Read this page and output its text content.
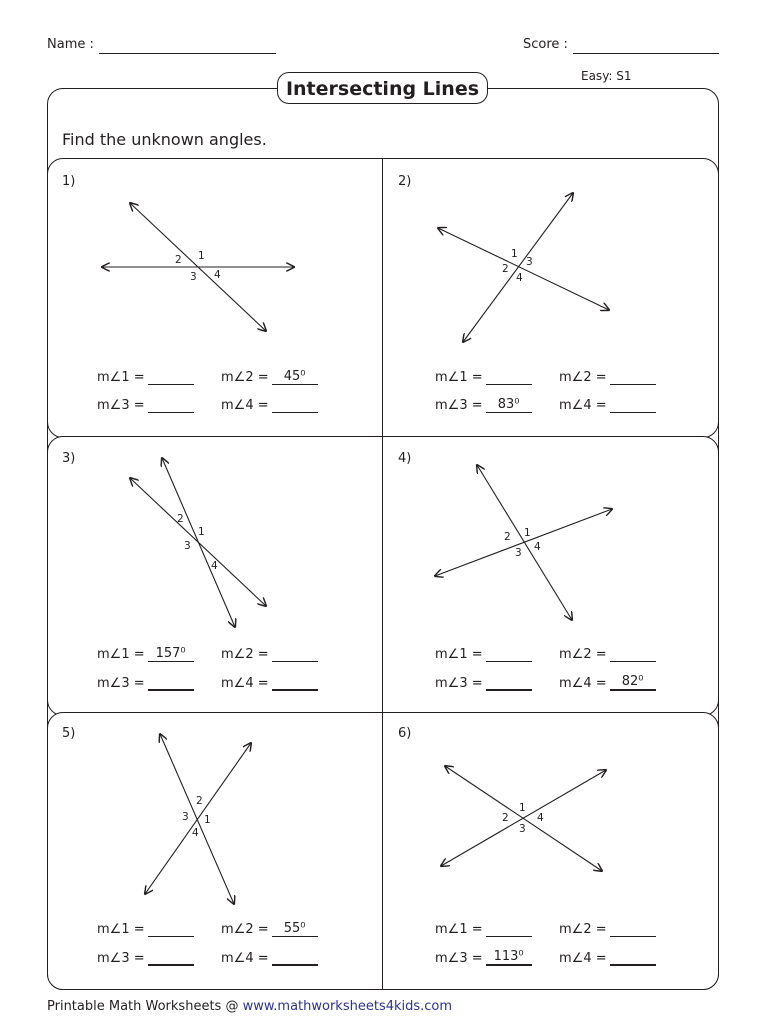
Name :	Score :
Easy: S1
Intersecting Lines
Find the unknown angles.
1)
1
2
3 4
m∠1 =	m∠2 =	45⁰
m∠3 =	m∠4 =
2)
1
2
3
4
m∠1 =	m∠2 =
m∠3 =	83⁰	m∠4 =
3)
1
2
3
4
m∠1 = 157⁰	m∠2 =
m∠3 =	m∠4 =
4)
1
2
3 4
m∠1 =	m∠2 =
m∠3 =	m∠4 =	82⁰
5)
1
2
3
4
m∠1 =	m∠2 =	55⁰
m∠3 =	m∠4 =
6)
1
2
3
4
m∠1 =	m∠2 =
m∠3 = 113⁰	m∠4 =
Printable Math Worksheets @ www.mathworksheets4kids.com
